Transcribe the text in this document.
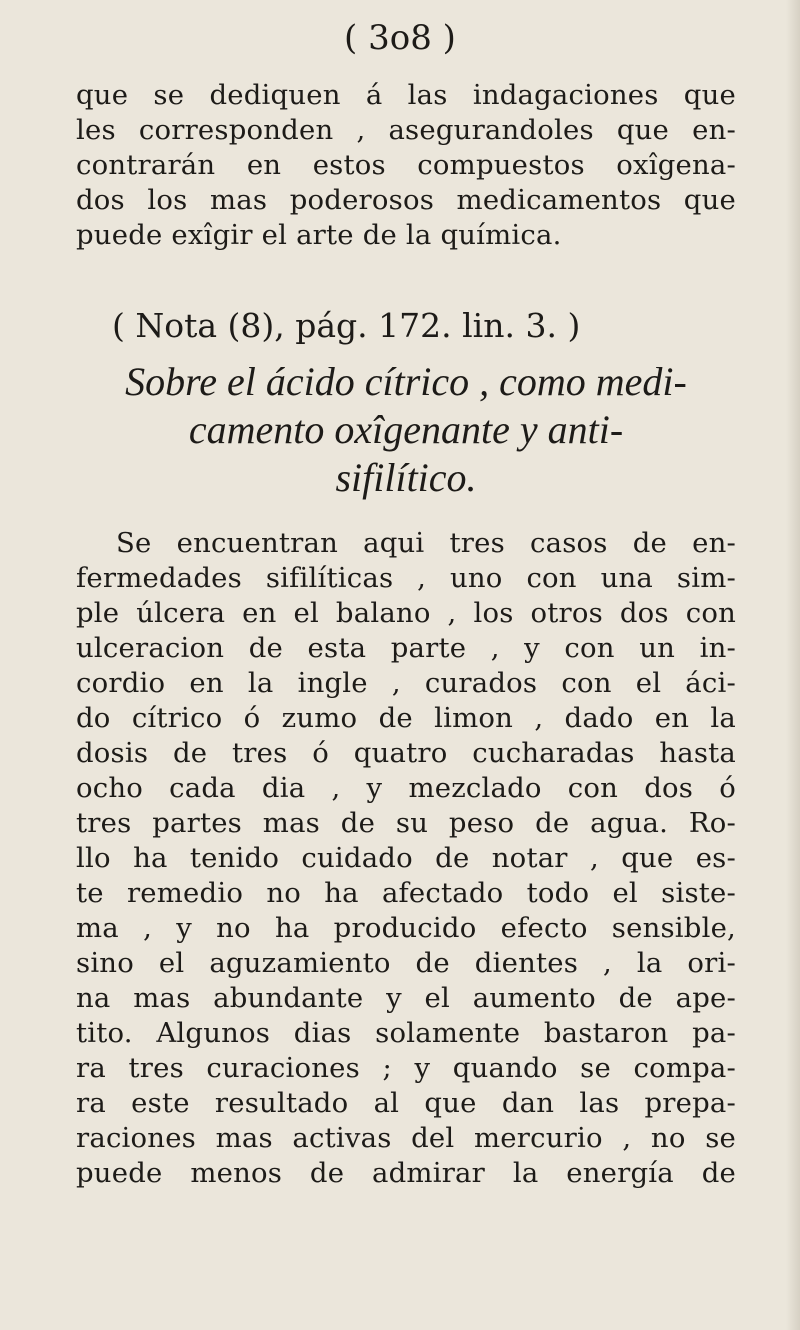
( 3o8 )
que se dediquen á las indagaciones que
les corresponden , asegurandoles que en-
contrarán en estos compuestos oxîgena-
dos los mas poderosos medicamentos que
puede exîgir el arte de la química.
( Nota (8), pág. 172. lin. 3. )
Sobre el ácido cítrico , como medi-
camento oxîgenante y anti-
sifilítico.
Se encuentran aqui tres casos de en-
fermedades sifilíticas , uno con una sim-
ple úlcera en el balano , los otros dos con
ulceracion de esta parte , y con un in-
cordio en la ingle , curados con el áci-
do cítrico ó zumo de limon , dado en la
dosis de tres ó quatro cucharadas hasta
ocho cada dia , y mezclado con dos ó
tres partes mas de su peso de agua. Ro-
llo ha tenido cuidado de notar , que es-
te remedio no ha afectado todo el siste-
ma , y no ha producido efecto sensible,
sino el aguzamiento de dientes , la ori-
na mas abundante y el aumento de ape-
tito. Algunos dias solamente bastaron pa-
ra tres curaciones ; y quando se compa-
ra este resultado al que dan las prepa-
raciones mas activas del mercurio , no se
puede menos de admirar la energía de
